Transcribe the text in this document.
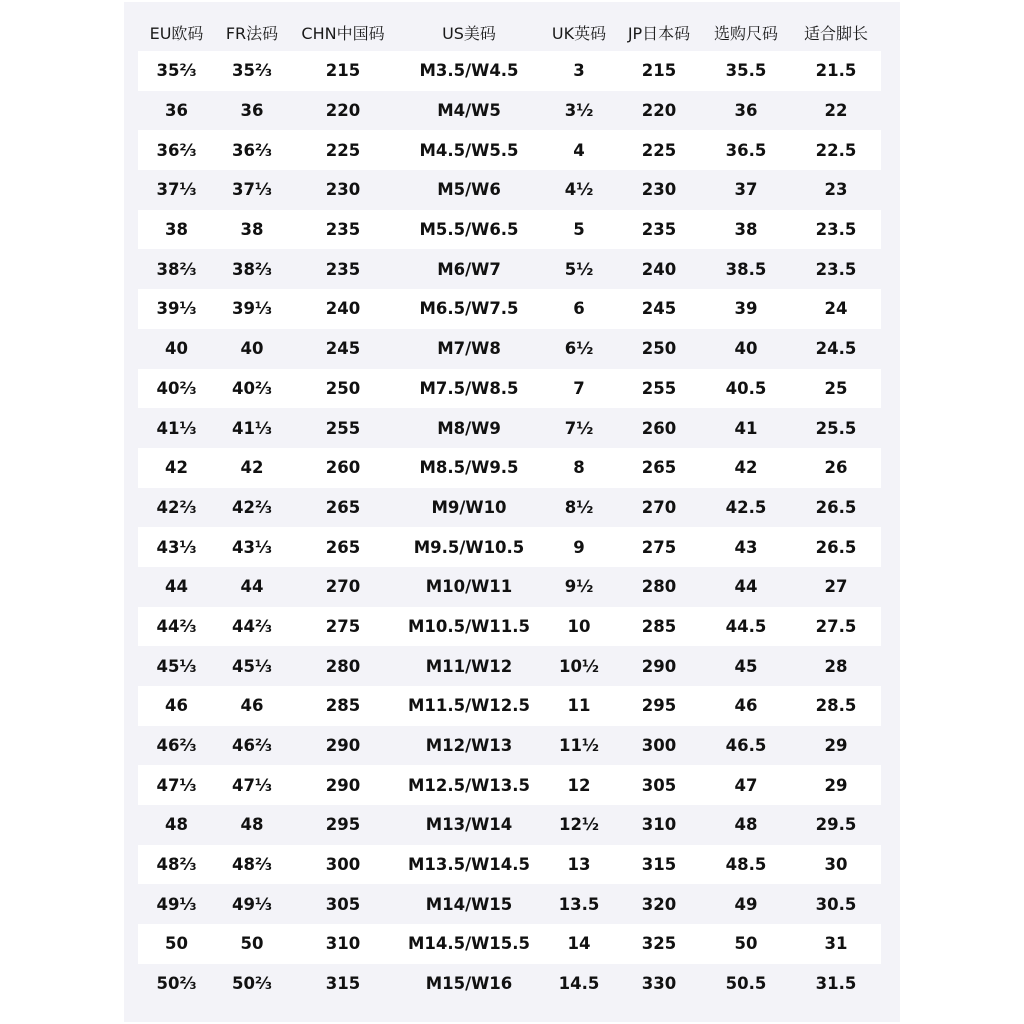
EU欧码	FR法码	CHN中国码	US美码	UK英码	JP日本码	选购尺码	适合脚长
35⅔	35⅔	215	M3.5/W4.5	3	215	35.5	21.5
36	36	220	M4/W5	3½	220	36	22
36⅔	36⅔	225	M4.5/W5.5	4	225	36.5	22.5
37⅓	37⅓	230	M5/W6	4½	230	37	23
38	38	235	M5.5/W6.5	5	235	38	23.5
38⅔	38⅔	235	M6/W7	5½	240	38.5	23.5
39⅓	39⅓	240	M6.5/W7.5	6	245	39	24
40	40	245	M7/W8	6½	250	40	24.5
40⅔	40⅔	250	M7.5/W8.5	7	255	40.5	25
41⅓	41⅓	255	M8/W9	7½	260	41	25.5
42	42	260	M8.5/W9.5	8	265	42	26
42⅔	42⅔	265	M9/W10	8½	270	42.5	26.5
43⅓	43⅓	265	M9.5/W10.5	9	275	43	26.5
44	44	270	M10/W11	9½	280	44	27
44⅔	44⅔	275	M10.5/W11.5	10	285	44.5	27.5
45⅓	45⅓	280	M11/W12	10½	290	45	28
46	46	285	M11.5/W12.5	11	295	46	28.5
46⅔	46⅔	290	M12/W13	11½	300	46.5	29
47⅓	47⅓	290	M12.5/W13.5	12	305	47	29
48	48	295	M13/W14	12½	310	48	29.5
48⅔	48⅔	300	M13.5/W14.5	13	315	48.5	30
49⅓	49⅓	305	M14/W15	13.5	320	49	30.5
50	50	310	M14.5/W15.5	14	325	50	31
50⅔	50⅔	315	M15/W16	14.5	330	50.5	31.5
